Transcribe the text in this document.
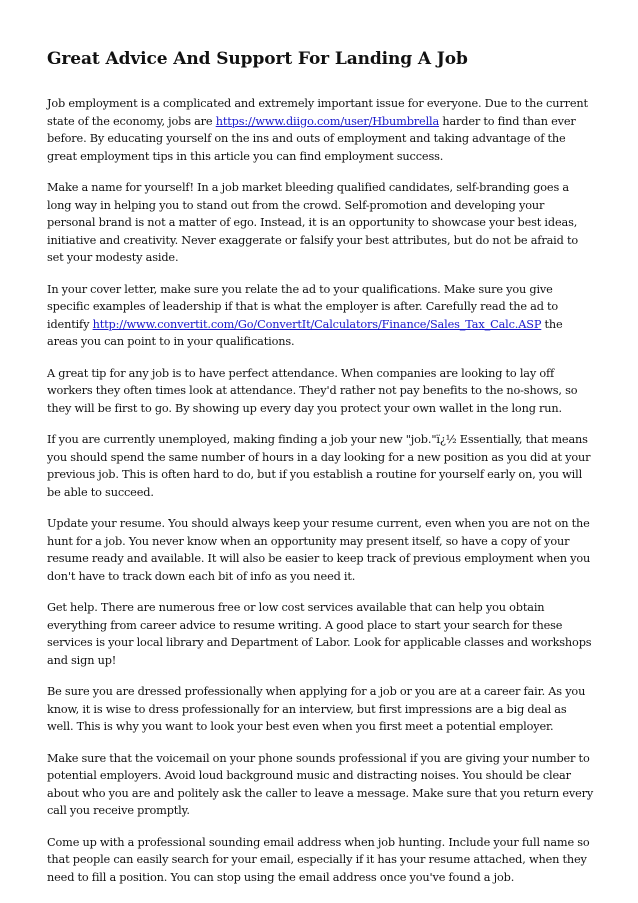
Great Advice And Support For Landing A Job

Job employment is a complicated and extremely important issue for everyone. Due to the current state of the economy, jobs are https://www.diigo.com/user/Hbumbrella harder to find than ever before. By educating yourself on the ins and outs of employment and taking advantage of the great employment tips in this article you can find employment success.

Make a name for yourself! In a job market bleeding qualified candidates, self-branding goes a long way in helping you to stand out from the crowd. Self-promotion and developing your personal brand is not a matter of ego. Instead, it is an opportunity to showcase your best ideas, initiative and creativity. Never exaggerate or falsify your best attributes, but do not be afraid to set your modesty aside.

In your cover letter, make sure you relate the ad to your qualifications. Make sure you give specific examples of leadership if that is what the employer is after. Carefully read the ad to identify http://www.convertit.com/Go/ConvertIt/Calculators/Finance/Sales_Tax_Calc.ASP the areas you can point to in your qualifications.

A great tip for any job is to have perfect attendance. When companies are looking to lay off workers they often times look at attendance. They'd rather not pay benefits to the no-shows, so they will be first to go. By showing up every day you protect your own wallet in the long run.

If you are currently unemployed, making finding a job your new "job."ï¿½ Essentially, that means you should spend the same number of hours in a day looking for a new position as you did at your previous job. This is often hard to do, but if you establish a routine for yourself early on, you will be able to succeed.

Update your resume. You should always keep your resume current, even when you are not on the hunt for a job. You never know when an opportunity may present itself, so have a copy of your resume ready and available. It will also be easier to keep track of previous employment when you don't have to track down each bit of info as you need it.

Get help. There are numerous free or low cost services available that can help you obtain everything from career advice to resume writing. A good place to start your search for these services is your local library and Department of Labor. Look for applicable classes and workshops and sign up!

Be sure you are dressed professionally when applying for a job or you are at a career fair. As you know, it is wise to dress professionally for an interview, but first impressions are a big deal as well. This is why you want to look your best even when you first meet a potential employer.

Make sure that the voicemail on your phone sounds professional if you are giving your number to potential employers. Avoid loud background music and distracting noises. You should be clear about who you are and politely ask the caller to leave a message. Make sure that you return every call you receive promptly.

Come up with a professional sounding email address when job hunting. Include your full name so that people can easily search for your email, especially if it has your resume attached, when they need to fill a position. You can stop using the email address once you've found a job.
